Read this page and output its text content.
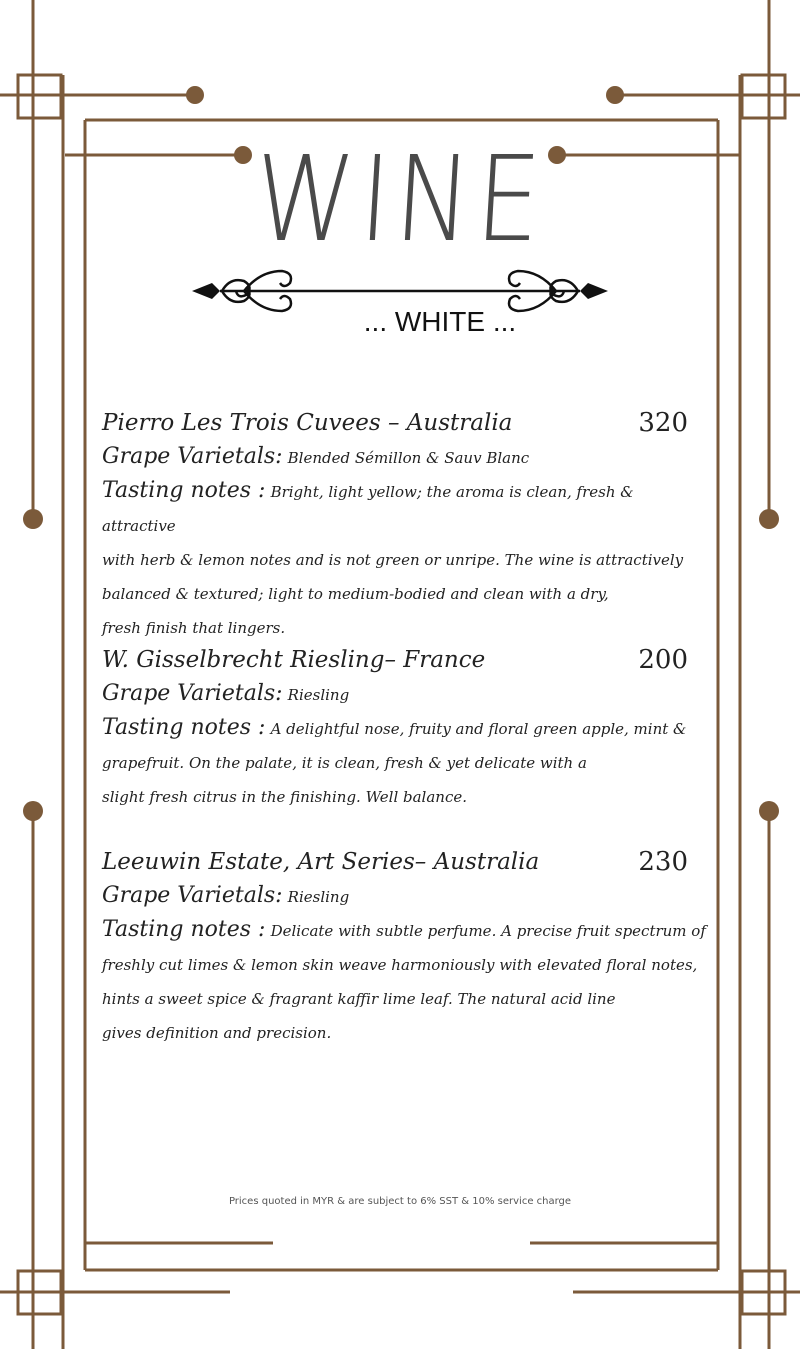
WINE
... WHITE ...
Pierro Les Trois Cuvees – Australia	320
Grape Varietals: Blended Sémillon & Sauv Blanc
Tasting notes : Bright, light yellow; the aroma is clean, fresh & attractive
with herb & lemon notes and is not green or unripe. The wine is attractively
balanced & textured; light to medium-bodied and clean with a dry,
fresh finish that lingers.
W. Gisselbrecht Riesling– France	200
Grape Varietals: Riesling
Tasting notes : A delightful nose, fruity and floral green apple, mint &
grapefruit. On the palate, it is clean, fresh & yet delicate with a
slight fresh citrus in the finishing. Well balance.
Leeuwin Estate, Art Series– Australia	230
Grape Varietals: Riesling
Tasting notes : Delicate with subtle perfume. A precise fruit spectrum of
freshly cut limes & lemon skin weave harmoniously with elevated floral notes,
hints a sweet spice & fragrant kaffir lime leaf. The natural acid line
gives definition and precision.
Prices quoted in MYR & are subject to 6% SST & 10% service charge
